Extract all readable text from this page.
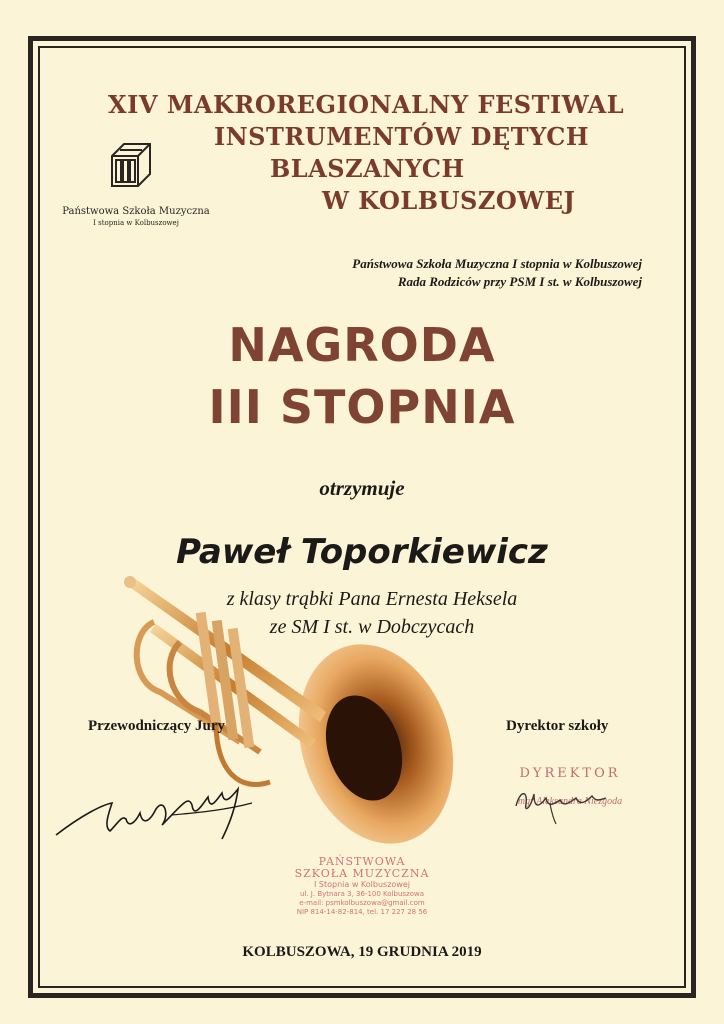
XIV MAKROREGIONALNY FESTIWAL
INSTRUMENTÓW DĘTYCH
BLASZANYCH
W KOLBUSZOWEJ
Państwowa Szkoła Muzyczna
I stopnia w Kolbuszowej
Państwowa Szkoła Muzyczna I stopnia w Kolbuszowej
Rada Rodziców przy PSM I st. w Kolbuszowej
NAGRODA
III STOPNIA
otrzymuje
Paweł Toporkiewicz
z klasy trąbki Pana Ernesta Heksela
ze SM I st. w Dobczycach
Przewodniczący Jury	Dyrektor szkoły
DYREKTOR
mgr Aleksandra Niezgoda
PAŃSTWOWA
SZKOŁA MUZYCZNA
I Stopnia w Kolbuszowej
ul. J. Bytnara 3, 36-100 Kolbuszowa
e-mail: psmkolbuszowa@gmail.com
NIP 814-14-82-814, tel. 17 227 28 56
KOLBUSZOWA, 19 GRUDNIA 2019
